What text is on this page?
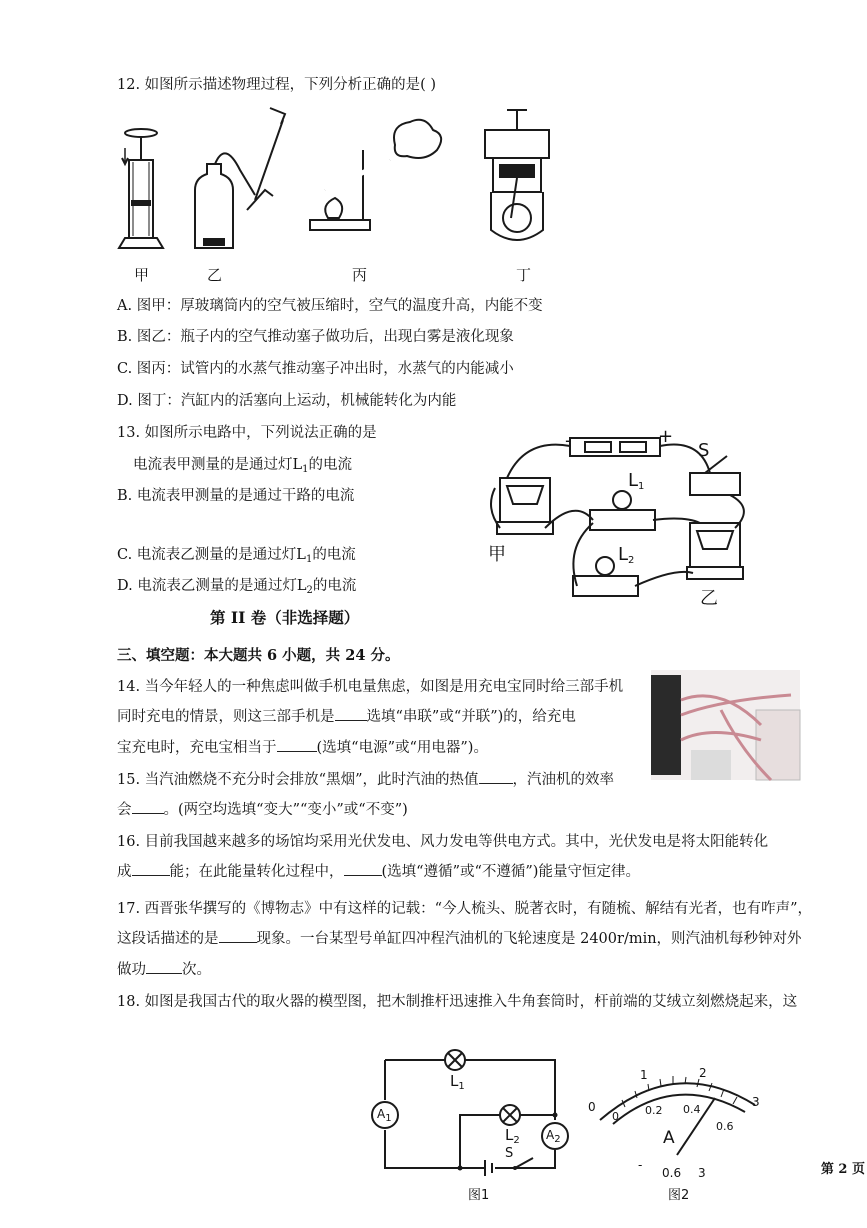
12. 如图所示描述物理过程，下列分析正确的是( )
甲	乙	丙	丁
A. 图甲：厚玻璃筒内的空气被压缩时，空气的温度升高，内能不变
B. 图乙：瓶子内的空气推动塞子做功后，出现白雾是液化现象
C. 图丙：试管内的水蒸气推动塞子冲出时，水蒸气的内能减小
D. 图丁：汽缸内的活塞向上运动，机械能转化为内能
13. 如图所示电路中，下列说法正确的是
电流表甲测量的是通过灯$L_1$的电流
B. 电流表甲测量的是通过干路的电流
C. 电流表乙测量的是通过灯$L_1$的电流
D. 电流表乙测量的是通过灯$L_2$的电流
-	+
S
$L_1$
$L_2$
甲
乙
第 II 卷（非选择题）
三、填空题：本大题共 6 小题，共 24 分。
14. 当今年轻人的一种焦虑叫做手机电量焦虑，如图是用充电宝同时给三部手机
同时充电的情景，则这三部手机是 选填“串联”或“并联”)的，给充电
宝充电时，充电宝相当于	(选填“电源”或“用电器”)。
15. 当汽油燃烧不充分时会排放“黑烟”，此时汽油的热值 ，汽油机的效率
会 。(两空均选填“变大”“变小”或“不变”)
16. 目前我国越来越多的场馆均采用光伏发电、风力发电等供电方式。其中，光伏发电是将太阳能转化
成	能；在此能量转化过程中，	(选填“遵循”或“不遵循”)能量守恒定律。
17. 西晋张华撰写的《博物志》中有这样的记载：“今人梳头、脱著衣时，有随梳、解结有光者，也有咋声”，
这段话描述的是	现象。一台某型号单缸四冲程汽油机的飞轮速度是 2400r/min，则汽油机每秒钟对外
做功 次。
18. 如图是我国古代的取火器的模型图，把木制推杆迅速推入牛角套筒时，杆前端的艾绒立刻燃烧起来，这
$A_1$
$A_2$
$L_1$
$L_2$
S
图1
0
1	2
3
0 0.2 0.4
0.6
A
-
0.6 3
图2
第 2 页
